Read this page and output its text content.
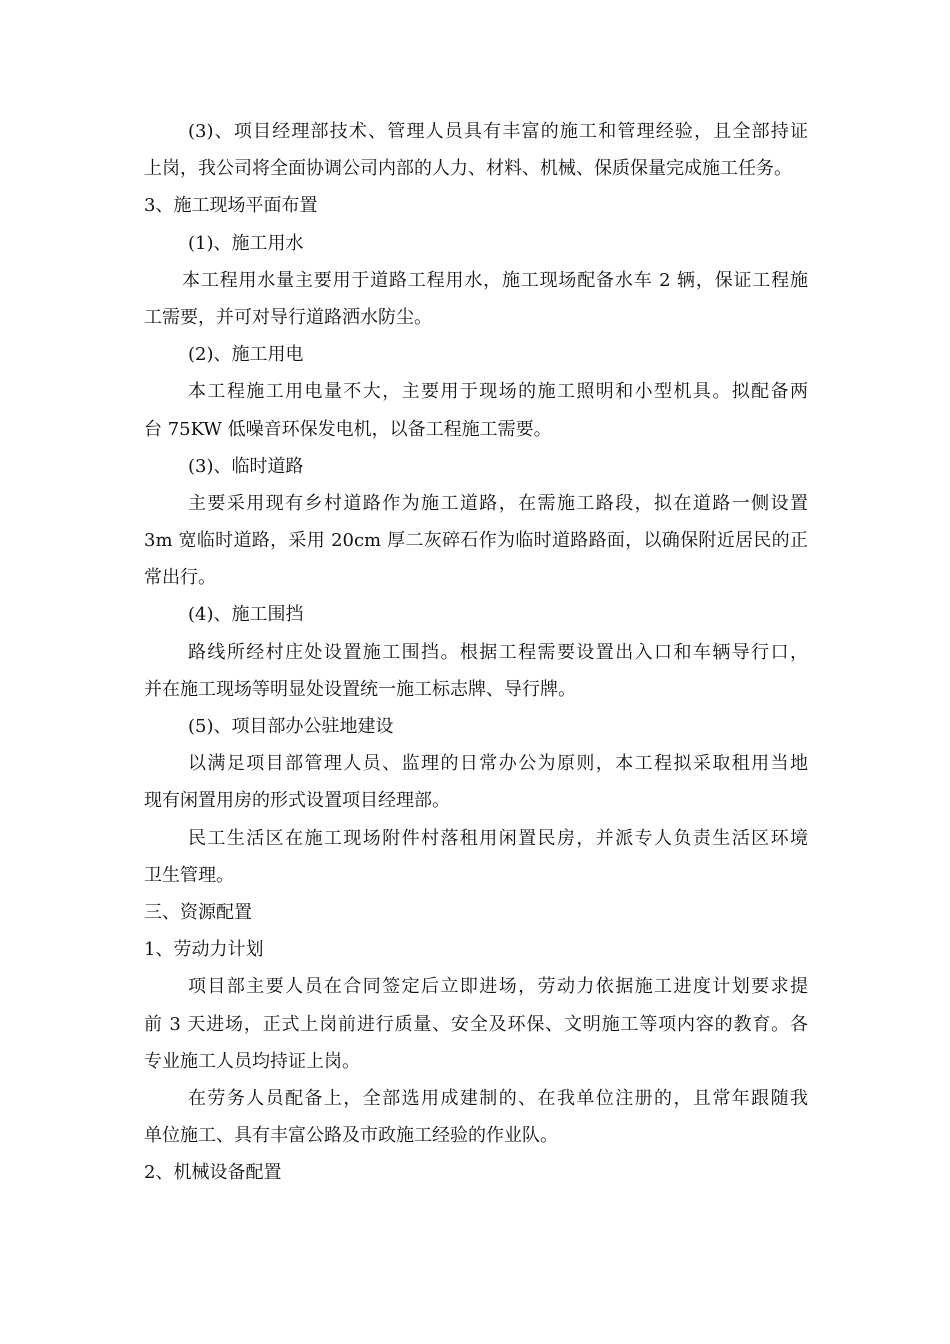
(3)、项目经理部技术、管理人员具有丰富的施工和管理经验，且全部持证
上岗，我公司将全面协调公司内部的人力、材料、机械、保质保量完成施工任务。
3、施工现场平面布置
(1)、施工用水
本工程用水量主要用于道路工程用水，施工现场配备水车 2 辆，保证工程施
工需要，并可对导行道路洒水防尘。
(2)、施工用电
本工程施工用电量不大，主要用于现场的施工照明和小型机具。拟配备两
台 75KW 低噪音环保发电机，以备工程施工需要。
(3)、临时道路
主要采用现有乡村道路作为施工道路，在需施工路段，拟在道路一侧设置
3m 宽临时道路，采用 20cm 厚二灰碎石作为临时道路路面，以确保附近居民的正
常出行。
(4)、施工围挡
路线所经村庄处设置施工围挡。根据工程需要设置出入口和车辆导行口，
并在施工现场等明显处设置统一施工标志牌、导行牌。
(5)、项目部办公驻地建设
以满足项目部管理人员、监理的日常办公为原则，本工程拟采取租用当地
现有闲置用房的形式设置项目经理部。
民工生活区在施工现场附件村落租用闲置民房，并派专人负责生活区环境
卫生管理。
三、资源配置
1、劳动力计划
项目部主要人员在合同签定后立即进场，劳动力依据施工进度计划要求提
前 3 天进场，正式上岗前进行质量、安全及环保、文明施工等项内容的教育。各
专业施工人员均持证上岗。
在劳务人员配备上，全部选用成建制的、在我单位注册的，且常年跟随我
单位施工、具有丰富公路及市政施工经验的作业队。
2、机械设备配置
